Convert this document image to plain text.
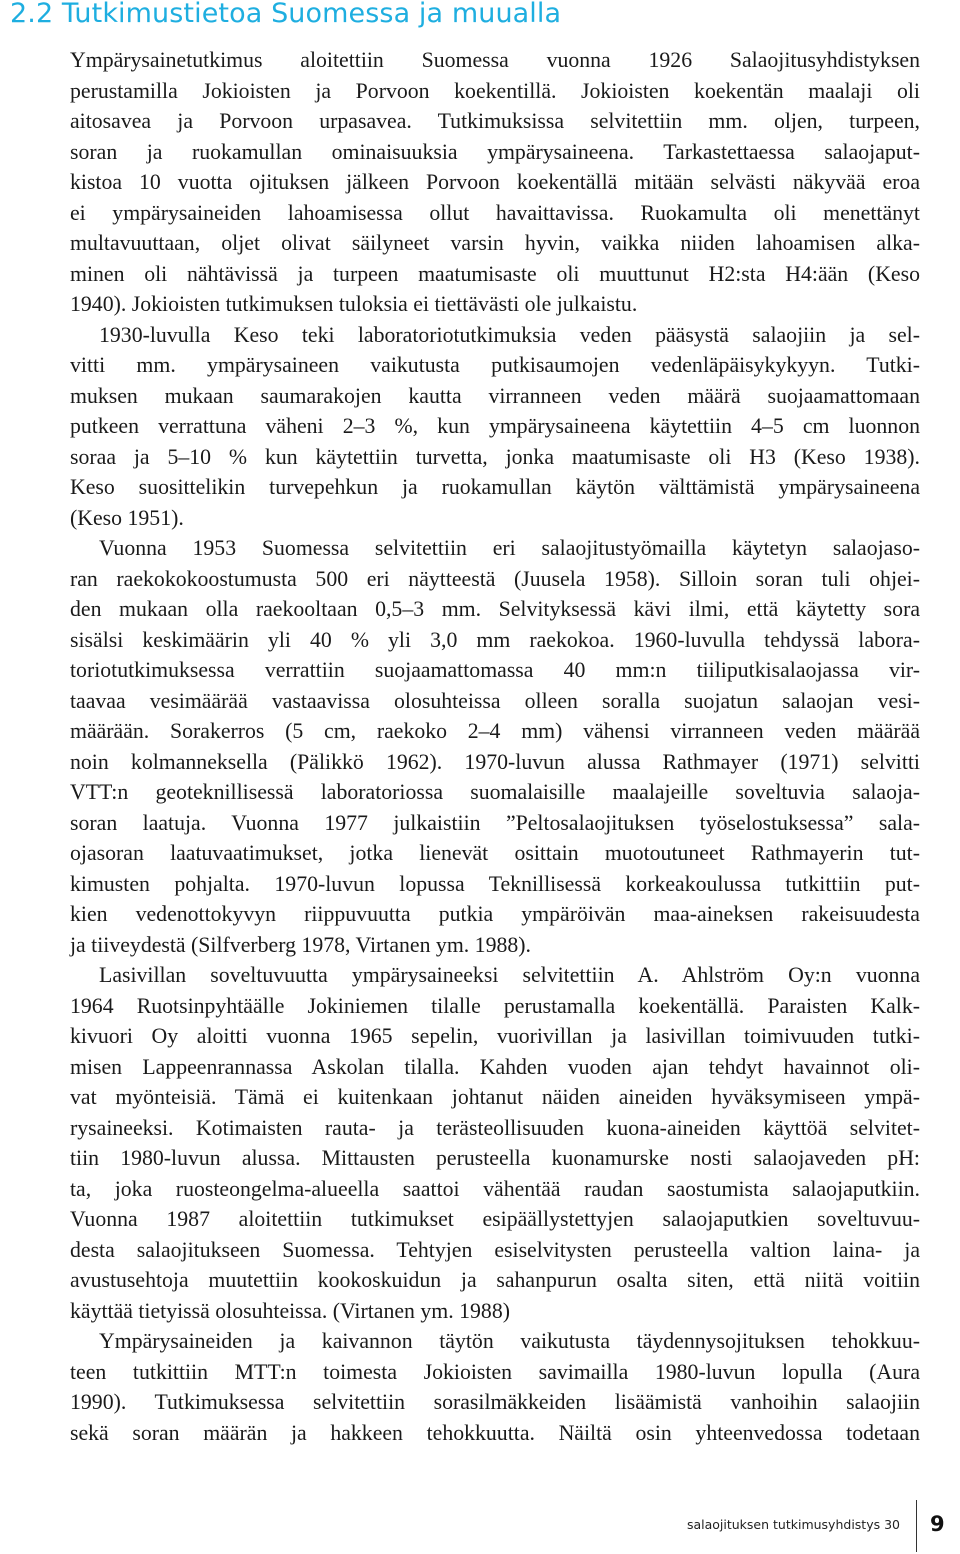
2.2 Tutkimustietoa Suomessa ja muualla
Ympärysainetutkimus aloitettiin Suomessa vuonna 1926 Salaojitusyhdistyksen
perustamilla Jokioisten ja Porvoon koekentillä. Jokioisten koekentän maalaji oli
aitosavea ja Porvoon urpasavea. Tutkimuksissa selvitettiin mm. oljen, turpeen,
soran ja ruokamullan ominaisuuksia ympärysaineena. Tarkastettaessa salaojaput-
kistoa 10 vuotta ojituksen jälkeen Porvoon koekentällä mitään selvästi näkyvää eroa
ei ympärysaineiden lahoamisessa ollut havaittavissa. Ruokamulta oli menettänyt
multavuuttaan, oljet olivat säilyneet varsin hyvin, vaikka niiden lahoamisen alka-
minen oli nähtävissä ja turpeen maatumisaste oli muuttunut H2:sta H4:ään (Keso
1940). Jokioisten tutkimuksen tuloksia ei tiettävästi ole julkaistu.
1930-luvulla Keso teki laboratoriotutkimuksia veden pääsystä salaojiin ja sel-
vitti mm. ympärysaineen vaikutusta putkisaumojen vedenläpäisykykyyn. Tutki-
muksen mukaan saumarakojen kautta virranneen veden määrä suojaamattomaan
putkeen verrattuna väheni 2–3 %, kun ympärysaineena käytettiin 4–5 cm luonnon
soraa ja 5–10 % kun käytettiin turvetta, jonka maatumisaste oli H3 (Keso 1938).
Keso suosittelikin turvepehkun ja ruokamullan käytön välttämistä ympärysaineena
(Keso 1951).
Vuonna 1953 Suomessa selvitettiin eri salaojitustyömailla käytetyn salaojaso-
ran raekokokoostumusta 500 eri näytteestä (Juusela 1958). Silloin soran tuli ohjei-
den mukaan olla raekooltaan 0,5–3 mm. Selvityksessä kävi ilmi, että käytetty sora
sisälsi keskimäärin yli 40 % yli 3,0 mm raekokoa. 1960-luvulla tehdyssä labora-
toriotutkimuksessa verrattiin suojaamattomassa 40 mm:n tiiliputkisalaojassa vir-
taavaa vesimäärää vastaavissa olosuhteissa olleen soralla suojatun salaojan vesi-
määrään. Sorakerros (5 cm, raekoko 2–4 mm) vähensi virranneen veden määrää
noin kolmanneksella (Pälikkö 1962). 1970-luvun alussa Rathmayer (1971) selvitti
VTT:n geoteknillisessä laboratoriossa suomalaisille maalajeille soveltuvia salaoja-
soran laatuja. Vuonna 1977 julkaistiin ”Peltosalaojituksen työselostuksessa” sala-
ojasoran laatuvaatimukset, jotka lienevät osittain muotoutuneet Rathmayerin tut-
kimusten pohjalta. 1970-luvun lopussa Teknillisessä korkeakoulussa tutkittiin put-
kien vedenottokyvyn riippuvuutta putkia ympäröivän maa-aineksen rakeisuudesta
ja tiiveydestä (Silfverberg 1978, Virtanen ym. 1988).
Lasivillan soveltuvuutta ympärysaineeksi selvitettiin A. Ahlström Oy:n vuonna
1964 Ruotsinpyhtäälle Jokiniemen tilalle perustamalla koekentällä. Paraisten Kalk-
kivuori Oy aloitti vuonna 1965 sepelin, vuorivillan ja lasivillan toimivuuden tutki-
misen Lappeenrannassa Askolan tilalla. Kahden vuoden ajan tehdyt havainnot oli-
vat myönteisiä. Tämä ei kuitenkaan johtanut näiden aineiden hyväksymiseen ympä-
rysaineeksi. Kotimaisten rauta- ja terästeollisuuden kuona-aineiden käyttöä selvitet-
tiin 1980-luvun alussa. Mittausten perusteella kuonamurske nosti salaojaveden pH:
ta, joka ruosteongelma-alueella saattoi vähentää raudan saostumista salaojaputkiin.
Vuonna 1987 aloitettiin tutkimukset esipäällystettyjen salaojaputkien soveltuvuu-
desta salaojitukseen Suomessa. Tehtyjen esiselvitysten perusteella valtion laina- ja
avustusehtoja muutettiin kookoskuidun ja sahanpurun osalta siten, että niitä voitiin
käyttää tietyissä olosuhteissa. (Virtanen ym. 1988)
Ympärysaineiden ja kaivannon täytön vaikutusta täydennysojituksen tehokkuu-
teen tutkittiin MTT:n toimesta Jokioisten savimailla 1980-luvun lopulla (Aura
1990). Tutkimuksessa selvitettiin sorasilmäkkeiden lisäämistä vanhoihin salaojiin
sekä soran määrän ja hakkeen tehokkuutta. Näiltä osin yhteenvedossa todetaan
salaojituksen tutkimusyhdistys 30 9
